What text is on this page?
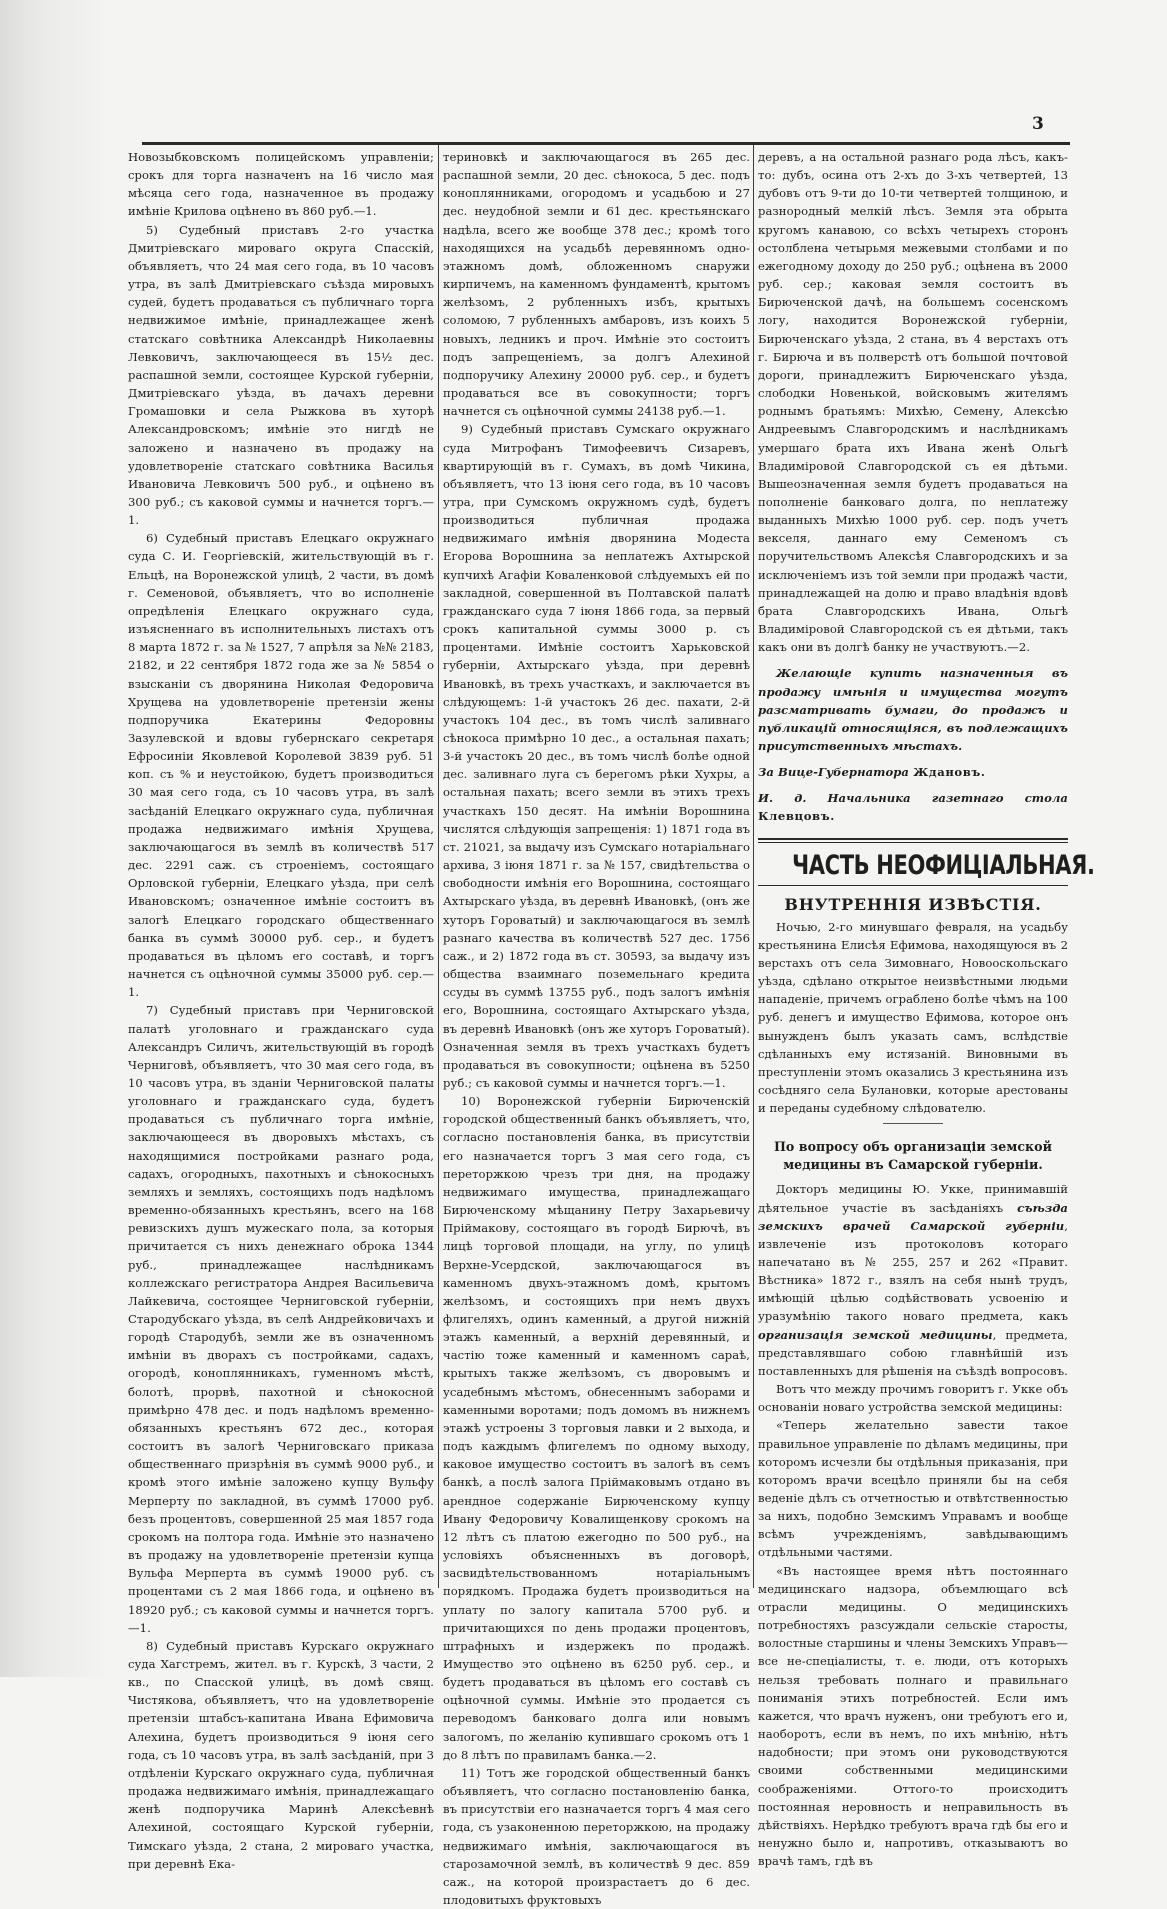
3

Новозыбковскомъ полицейскомъ управленіи; срокъ для торга назначенъ на 16 число мая мѣсяца сего года, назначенное въ продажу имѣніе Крилова оцѣнено въ 860 руб.—1.

5) Судебный приставъ 2-го участка Дмитріевскаго мироваго округа Спасскій, объявляетъ, что 24 мая сего года, въ 10 часовъ утра, въ залѣ Дмитріевскаго съѣзда мировыхъ судей, будетъ продаваться съ публичнаго торга недвижимое имѣніе, принадлежащее женѣ статскаго совѣтника Александрѣ Николаевны Левковичъ, заключающееся въ 15½ дес. распашной земли, состоящее Курской губерніи, Дмитріевскаго уѣзда, въ дачахъ деревни Громашовки и села Рыжкова въ хуторѣ Александровскомъ; имѣніе это нигдѣ не заложено и назначено въ продажу на удовлетвореніе статскаго совѣтника Василья Ивановича Левковичъ 500 руб., и оцѣнено въ 300 руб.; съ каковой суммы и начнется торгъ.—1.

6) Судебный приставъ Елецкаго окружнаго суда С. И. Георгіевскій, жительствующій въ г. Ельцѣ, на Воронежской улицѣ, 2 части, въ домѣ г. Семеновой, объявляетъ, что во исполненіе опредѣленія Елецкаго окружнаго суда, изъясненнаго въ исполнительныхъ листахъ отъ 8 марта 1872 г. за № 1527, 7 апрѣля за №№ 2183, 2182, и 22 сентября 1872 года же за № 5854 о взысканіи съ дворянина Николая Федоровича Хрущева на удовлетвореніе претензіи жены подпоручика Екатерины Федоровны Зазулевской и вдовы губернскаго секретаря Ефросиніи Яковлевой Королевой 3839 руб. 51 коп. съ % и неустойкою, будетъ производиться 30 мая сего года, съ 10 часовъ утра, въ залѣ засѣданій Елецкаго окружнаго суда, публичная продажа недвижимаго имѣнія Хрущева, заключающагося въ землѣ въ количествѣ 517 дес. 2291 саж. съ строеніемъ, состоящаго Орловской губерніи, Елецкаго уѣзда, при селѣ Ивановскомъ; означенное имѣніе состоитъ въ залогѣ Елецкаго городскаго общественнаго банка въ суммѣ 30000 руб. сер., и будетъ продаваться въ цѣломъ его составѣ, и торгъ начнется съ оцѣночной суммы 35000 руб. сер.—1.

7) Судебный приставъ при Черниговской палатѣ уголовнаго и гражданскаго суда Александръ Силичъ, жительствующій въ городѣ Черниговѣ, объявляетъ, что 30 мая сего года, въ 10 часовъ утра, въ зданіи Черниговской палаты уголовнаго и гражданскаго суда, будетъ продаваться съ публичнаго торга имѣніе, заключающееся въ дворовыхъ мѣстахъ, съ находящимися постройками разнаго рода, садахъ, огородныхъ, пахотныхъ и сѣнокосныхъ земляхъ и земляхъ, состоящихъ подъ надѣломъ временно-обязанныхъ крестьянъ, всего на 168 ревизскихъ душъ мужескаго пола, за которыя причитается съ нихъ денежнаго оброка 1344 руб., принадлежащее наслѣдникамъ коллежскаго регистратора Андрея Васильевича Лайкевича, состоящее Черниговской губерніи, Стародубскаго уѣзда, въ селѣ Андрейковичахъ и городѣ Стародубѣ, земли же въ означенномъ имѣніи въ дворахъ съ постройками, садахъ, огородѣ, коноплянникахъ, гуменномъ мѣстѣ, болотѣ, прорвѣ, пахотной и сѣнокосной примѣрно 478 дес. и подъ надѣломъ временно-обязанныхъ крестьянъ 672 дес., которая состоитъ въ залогѣ Черниговскаго приказа общественнаго призрѣнія въ суммѣ 9000 руб., и кромѣ этого имѣніе заложено купцу Вульфу Мерперту по закладной, въ суммѣ 17000 руб. безъ процентовъ, совершенной 25 мая 1857 года срокомъ на полтора года. Имѣніе это назначено въ продажу на удовлетвореніе претензіи купца Вульфа Мерперта въ суммѣ 19000 руб. съ процентами съ 2 мая 1866 года, и оцѣнено въ 18920 руб.; съ каковой суммы и начнется торгъ.—1.

8) Судебный приставъ Курскаго окружнаго суда Хагстремъ, жител. въ г. Курскѣ, 3 части, 2 кв., по Спасской улицѣ, въ домѣ свящ. Чистякова, объявляетъ, что на удовлетвореніе претензіи штабсъ-капитана Ивана Ефимовича Алехина, будетъ производиться 9 іюня сего года, съ 10 часовъ утра, въ залѣ засѣданій, при 3 отдѣленіи Курскаго окружнаго суда, публичная продажа недвижимаго имѣнія, принадлежащаго женѣ подпоручика Маринѣ Алексѣевнѣ Алехиной, состоящаго Курской губерніи, Тимскаго уѣзда, 2 стана, 2 мироваго участка, при деревнѣ Ека-

териновкѣ и заключающагося въ 265 дес. распашной земли, 20 дес. сѣнокоса, 5 дес. подъ коноплянниками, огородомъ и усадьбою и 27 дес. неудобной земли и 61 дес. крестьянскаго надѣла, всего же вообще 378 дес.; кромѣ того находящихся на усадьбѣ деревянномъ одно-этажномъ домѣ, обложенномъ снаружи кирпичемъ, на каменномъ фундаментѣ, крытомъ желѣзомъ, 2 рубленныхъ избъ, крытыхъ соломою, 7 рубленныхъ амбаровъ, изъ коихъ 5 новыхъ, ледникъ и проч. Имѣніе это состоитъ подъ запрещеніемъ, за долгъ Алехиной подпоручику Алехину 20000 руб. сер., и будетъ продаваться все въ совокупности; торгъ начнется съ оцѣночной суммы 24138 руб.—1.

9) Судебный приставъ Сумскаго окружнаго суда Митрофанъ Тимофеевичъ Сизаревъ, квартирующій въ г. Сумахъ, въ домѣ Чикина, объявляетъ, что 13 іюня сего года, въ 10 часовъ утра, при Сумскомъ окружномъ судѣ, будетъ производиться публичная продажа недвижимаго имѣнія дворянина Модеста Егорова Ворошнина за неплатежъ Ахтырской купчихѣ Агафіи Коваленковой слѣдуемыхъ ей по закладной, совершенной въ Полтавской палатѣ гражданскаго суда 7 іюня 1866 года, за первый срокъ капитальной суммы 3000 р. съ процентами. Имѣніе состоитъ Харьковской губерніи, Ахтырскаго уѣзда, при деревнѣ Ивановкѣ, въ трехъ участкахъ, и заключается въ слѣдующемъ: 1-й участокъ 26 дес. пахати, 2-й участокъ 104 дес., въ томъ числѣ заливнаго сѣнокоса примѣрно 10 дес., а остальная пахать; 3-й участокъ 20 дес., въ томъ числѣ болѣе одной дес. заливнаго луга съ берегомъ рѣки Хухры, а остальная пахать; всего земли въ этихъ трехъ участкахъ 150 десят. На имѣніи Ворошнина числятся слѣдующія запрещенія: 1) 1871 года въ ст. 21021, за выдачу изъ Сумскаго нотаріальнаго архива, 3 іюня 1871 г. за № 157, свидѣтельства о свободности имѣнія его Ворошнина, состоящаго Ахтырскаго уѣзда, въ деревнѣ Ивановкѣ, (онъ же хуторъ Горoватый) и заключающагося въ землѣ разнаго качества въ количествѣ 527 дес. 1756 саж., и 2) 1872 года въ ст. 30593, за выдачу изъ общества взаимнаго поземельнаго кредита ссуды въ суммѣ 13755 руб., подъ залогъ имѣнія его, Ворошнина, состоящаго Ахтырскаго уѣзда, въ деревнѣ Ивановкѣ (онъ же хуторъ Горoватый). Означенная земля въ трехъ участкахъ будетъ продаваться въ совокупности; оцѣнена въ 5250 руб.; съ каковой суммы и начнется торгъ.—1.

10) Воронежской губерніи Бирюченскій городской общественный банкъ объявляетъ, что, согласно постановленія банка, въ присутствіи его назначается торгъ 3 мая сего года, съ переторжкою чрезъ три дня, на продажу недвижимаго имущества, принадлежащаго Бирюченскому мѣщанину Петру Захарьевичу Пріймакову, состоящаго въ городѣ Бирючѣ, въ лицѣ торговой площади, на углу, по улицѣ Верхне-Усердской, заключающагося въ каменномъ двухъ-этажномъ домѣ, крытомъ желѣзомъ, и состоящихъ при немъ двухъ флигеляхъ, одинъ каменный, а другой нижній этажъ каменный, а верхній деревянный, и частію тоже каменный и каменномъ сараѣ, крытыхъ также желѣзомъ, съ дворовымъ и усадебнымъ мѣстомъ, обнесеннымъ заборами и каменными воротами; подъ домомъ въ нижнемъ этажѣ устроены 3 торговыя лавки и 2 выхода, и подъ каждымъ флигелемъ по одному выходу, каковое имущество состоитъ въ залогѣ въ семъ банкѣ, а послѣ залога Пріймаковымъ отдано въ арендное содержаніе Бирюченскому купцу Ивану Федоровичу Ковалищенкову срокомъ на 12 лѣтъ съ платою ежегодно по 500 руб., на условіяхъ объясненныхъ въ договорѣ, засвидѣтельствованномъ нотаріальнымъ порядкомъ. Продажа будетъ производиться на уплату по залогу капитала 5700 руб. и причитающихся по день продажи процентовъ, штрафныхъ и издержекъ по продажѣ. Имущество это оцѣнено въ 6250 руб. сер., и будетъ продаваться въ цѣломъ его составѣ съ оцѣночной суммы. Имѣніе это продается съ переводомъ банковаго долга или новымъ залогомъ, по желанію купившаго срокомъ отъ 1 до 8 лѣтъ по правиламъ банка.—2.

11) Тотъ же городской общественный банкъ объявляетъ, что согласно постановленію банка, въ присутствіи его назначается торгъ 4 мая сего года, съ узаконенною переторжкою, на продажу недвижимаго имѣнія, заключающагося въ старозамочной землѣ, въ количествѣ 9 дес. 859 саж., на которой произрастаетъ до 6 дес. плодовитыхъ фруктовыхъ

деревъ, а на остальной разнаго рода лѣсъ, какъ-то: дубъ, осина отъ 2-хъ до 3-хъ четвертей, 13 дубовъ отъ 9-ти до 10-ти четвертей толщиною, и разнородный мелкій лѣсъ. Земля эта обрыта кругомъ канавою, со всѣхъ четырехъ сторонъ остолблена четырьмя межевыми столбами и по ежегодному доходу до 250 руб.; оцѣнена въ 2000 руб. сер.; каковая земля состоитъ въ Бирюченской дачѣ, на большемъ сосенскомъ логу, находится Воронежской губерніи, Бирюченскаго уѣзда, 2 стана, въ 4 верстахъ отъ г. Бирюча и въ полверстѣ отъ большой почтовой дороги, принадлежитъ Бирюченскаго уѣзда, слободки Новенькой, войсковымъ жителямъ роднымъ братьямъ: Михѣю, Семену, Алексѣю Андреевымъ Славгородскимъ и наслѣдникамъ умершаго брата ихъ Ивана женѣ Ольгѣ Владиміровой Славгородской съ ея дѣтьми. Вышеозначенная земля будетъ продаваться на пополненіе банковаго долга, по неплатежу выданныхъ Михѣю 1000 руб. сер. подъ учетъ векселя, даннаго ему Семеномъ съ поручительствомъ Алексѣя Славгородскихъ и за исключеніемъ изъ той земли при продажѣ части, принадлежащей на долю и право владѣнія вдовѣ брата Славгородскихъ Ивана, Ольгѣ Владиміровой Славгородской съ ея дѣтьми, такъ какъ они въ долгѣ банку не участвуютъ.—2.

Желающіе купить назначенныя въ продажу имѣнія и имущества могутъ разсматривать бумаги, до продажъ и публикацій относящіяся, въ подлежащихъ присутственныхъ мѣстахъ.

За Вице-Губернатора Ждановъ.

И. д. Начальника газетнаго стола Клевцовъ.

ЧАСТЬ НЕОФИЦІАЛЬНАЯ.
ВНУТРЕННІЯ ИЗВѢСТІЯ.

Ночью, 2-го минувшаго февраля, на усадьбу крестьянина Елисѣя Ефимова, находящуюся въ 2 верстахъ отъ села Зимовнаго, Новооскольскаго уѣзда, сдѣлано открытое неизвѣстными людьми нападеніе, причемъ ограблено болѣе чѣмъ на 100 руб. денегъ и имущество Ефимова, которое онъ вынужденъ былъ указать самъ, вслѣдствіе сдѣланныхъ ему истязаній. Виновными въ преступленіи этомъ оказались 3 крестьянина изъ сосѣдняго села Булановки, которые арестованы и переданы судебному слѣдователю.

По вопросу объ организаціи земской медицины въ Самарской губерніи.

Докторъ медицины Ю. Укке, принимавшій дѣятельное участіе въ засѣданіяхъ съѣзда земскихъ врачей Самарской губерніи, извлеченіе изъ протоколовъ котораго напечатано въ № 255, 257 и 262 «Правит. Вѣстника» 1872 г., взялъ на себя нынѣ трудъ, имѣющій цѣлью содѣйствовать усвоенію и уразумѣнію такого новаго предмета, какъ организація земской медицины, предмета, представлявшаго собою главнѣйшій изъ поставленныхъ для рѣшенія на съѣздѣ вопросовъ.

Вотъ что между прочимъ говоритъ г. Укке объ основаніи новаго устройства земской медицины:

«Теперь желательно завести такое правильное управленіе по дѣламъ медицины, при которомъ исчезли бы отдѣльныя приказанія, при которомъ врачи всецѣло приняли бы на себя веденіе дѣлъ съ отчетностью и отвѣтственностью за нихъ, подобно Земскимъ Управамъ и вообще всѣмъ учрежденіямъ, завѣдывающимъ отдѣльными частями.

«Въ настоящее время нѣтъ постояннаго медицинскаго надзора, объемлющаго всѣ отрасли медицины. О медицинскихъ потребностяхъ разсуждали сельскіе старосты, волостные старшины и члены Земскихъ Управъ—все не-спеціалисты, т. е. люди, отъ которыхъ нельзя требовать полнаго и правильнаго пониманія этихъ потребностей. Если имъ кажется, что врачъ нуженъ, они требуютъ его и, наоборотъ, если въ немъ, по ихъ мнѣнію, нѣтъ надобности; при этомъ они руководствуются своими собственными медицинскими соображеніями. Оттого-то происходитъ постоянная неровность и неправильность въ дѣйствіяхъ. Нерѣдко требуютъ врача гдѣ бы его и ненужно было и, напротивъ, отказываютъ во врачѣ тамъ, гдѣ въ
